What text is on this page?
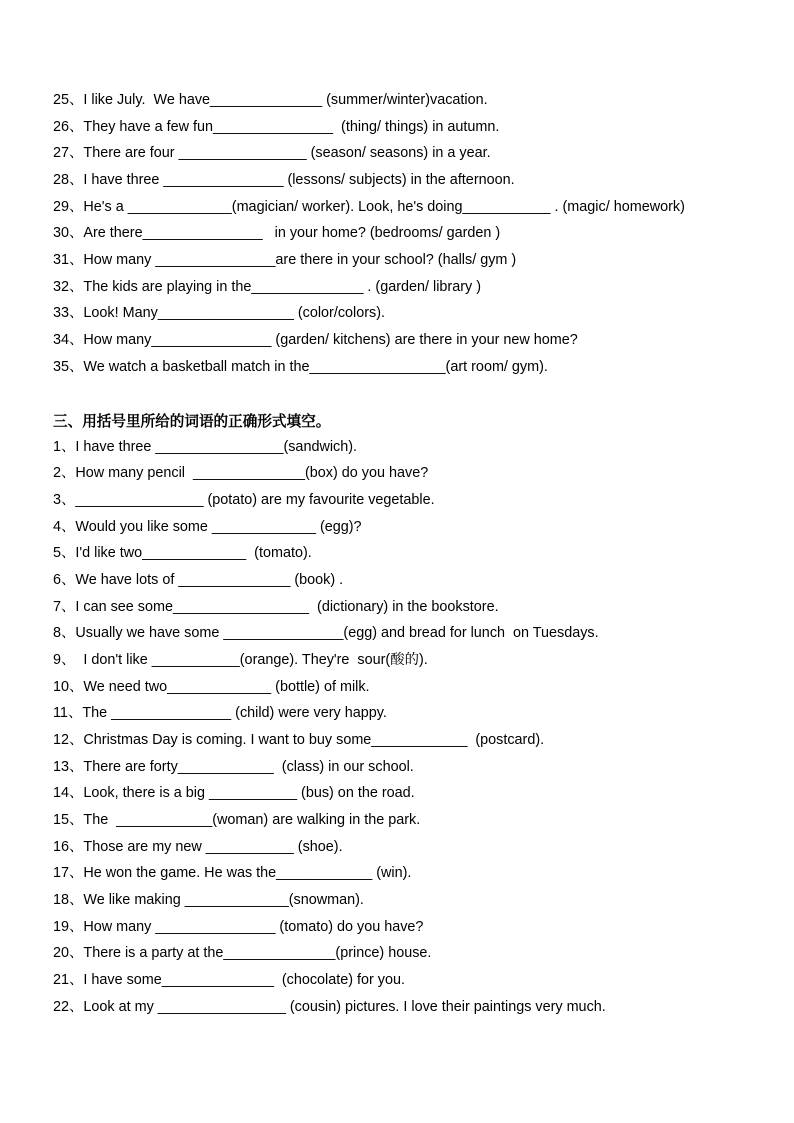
25、I like July.  We have______________ (summer/winter)vacation.
26、They have a few fun_______________  (thing/ things) in autumn.
27、There are four ________________ (season/ seasons) in a year.
28、I have three _______________ (lessons/ subjects) in the afternoon.
29、He's a _____________(magician/ worker). Look, he's doing___________ . (magic/ homework)
30、Are there_______________   in your home? (bedrooms/ garden )
31、How many _______________are there in your school? (halls/ gym )
32、The kids are playing in the______________ . (garden/ library )
33、Look! Many_________________ (color/colors).
34、How many_______________ (garden/ kitchens) are there in your new home?
35、We watch a basketball match in the_________________(art room/ gym).
三、用括号里所给的词语的正确形式填空。
1、I have three ________________(sandwich).
2、How many pencil  ______________(box) do you have?
3、________________ (potato) are my favourite vegetable.
4、Would you like some _____________ (egg)?
5、I'd like two_____________  (tomato).
6、We have lots of ______________ (book) .
7、I can see some_________________  (dictionary) in the bookstore.
8、Usually we have some _______________(egg) and bread for lunch  on Tuesdays.
9、  I don't like ___________(orange). They're  sour(酸的).
10、We need two_____________ (bottle) of milk.
11、The _______________ (child) were very happy.
12、Christmas Day is coming. I want to buy some____________  (postcard).
13、There are forty____________  (class) in our school.
14、Look, there is a big ___________ (bus) on the road.
15、The  ____________(woman) are walking in the park.
16、Those are my new ___________ (shoe).
17、He won the game. He was the____________ (win).
18、We like making _____________(snowman).
19、How many _______________ (tomato) do you have?
20、There is a party at the______________(prince) house.
21、I have some______________  (chocolate) for you.
22、Look at my ________________ (cousin) pictures. I love their paintings very much.
